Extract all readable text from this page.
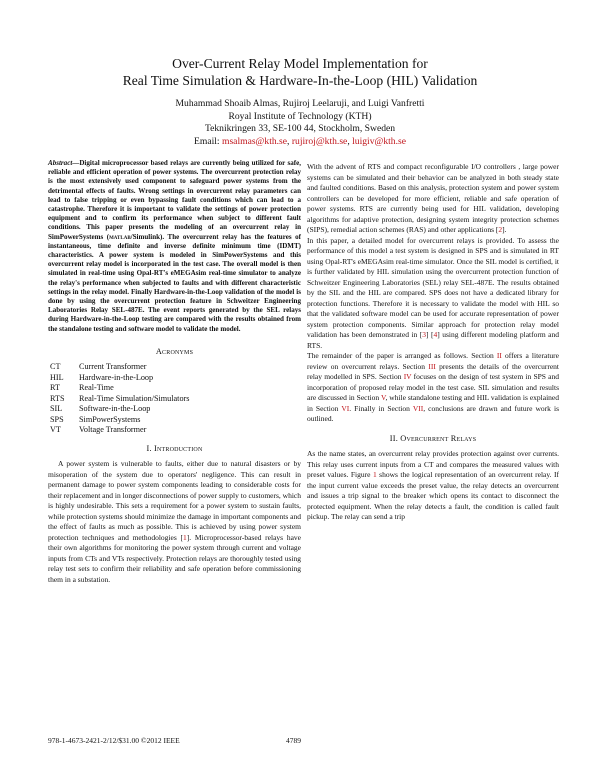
Over-Current Relay Model Implementation for
Real Time Simulation & Hardware-In-the-Loop (HIL) Validation
Muhammad Shoaib Almas, Rujiroj Leelaruji, and Luigi Vanfretti
Royal Institute of Technology (KTH)
Teknikringen 33, SE-100 44, Stockholm, Sweden
Email: msalmas@kth.se, rujiroj@kth.se, luigiv@kth.se

Abstract—Digital microprocessor based relays are currently being utilized for safe, reliable and efficient operation of power systems. The overcurrent protection relay is the most extensively used component to safeguard power systems from the detrimental effects of faults. Wrong settings in overcurrent relay parameters can lead to false tripping or even bypassing fault conditions which can lead to a catastrophe. Therefore it is important to validate the settings of power protection equipment and to confirm its performance when subject to different fault conditions. This paper presents the modeling of an overcurrent relay in SimPowerSystems (matlab/Simulink). The overcurrent relay has the features of instantaneous, time definite and inverse definite minimum time (IDMT) characteristics. A power system is modeled in SimPowerSystems and this overcurrent relay model is incorporated in the test case. The overall model is then simulated in real-time using Opal-RT's eMEGAsim real-time simulator to analyze the relay's performance when subjected to faults and with different characteristic settings in the relay model. Finally Hardware-in-the-Loop validation of the model is done by using the overcurrent protection feature in Schweitzer Engineering Laboratories Relay SEL-487E. The event reports generated by the SEL relays during Hardware-in-the-Loop testing are compared with the results obtained from the standalone testing and software model to validate the model.

Acronyms
CT	Current Transformer
HIL	Hardware-in-the-Loop
RT	Real-Time
RTS	Real-Time Simulation/Simulators
SIL	Software-in-the-Loop
SPS	SimPowerSystems
VT	Voltage Transformer
I. Introduction

A power system is vulnerable to faults, either due to natural disasters or by misoperation of the system due to operators' negligence. This can result in permanent damage to power system components leading to considerable costs for their replacement and in longer disconnections of power supply to customers, which is highly undesirable. This sets a requirement for a power system to sustain faults, while protection systems should minimize the damage in important components and the effect of faults as much as possible. This is achieved by using power system protection techniques and methodologies [1]. Microprocessor-based relays have their own algorithms for monitoring the power system through current and voltage inputs from CTs and VTs respectively. Protection relays are thoroughly tested using relay test sets to confirm their reliability and safe operation before commissioning them in a substation.

With the advent of RTS and compact reconfigurable I/O controllers , large power systems can be simulated and their behavior can be analyzed in both steady state and faulted conditions. Based on this analysis, protection system and power system controllers can be developed for more efficient, reliable and safe operation of power systems. RTS are currently being used for HIL validation, developing algorithms for adaptive protection, designing system integrity protection schemes (SIPS), remedial action schemes (RAS) and other applications [2].

In this paper, a detailed model for overcurrent relays is provided. To assess the performance of this model a test system is designed in SPS and is simulated in RT using Opal-RT's eMEGAsim real-time simulator. Once the SIL model is certified, it is further validated by HIL simulation using the overcurrent protection function of Schweitzer Engineering Laboratories (SEL) relay SEL-487E. The results obtained by the SIL and the HIL are compared. SPS does not have a dedicated library for protection functions. Therefore it is necessary to validate the model with HIL so that the validated software model can be used for accurate representation of power system protection components. Similar approach for protection relay model validation has been demonstrated in [3] [4] using different modeling platform and RTS.

The remainder of the paper is arranged as follows. Section II offers a literature review on overcurrent relays. Section III presents the details of the overcurrent relay modelled in SPS. Section IV focuses on the design of test system in SPS and incorporation of proposed relay model in the test case. SIL simulation and results are discussed in Section V, while standalone testing and HIL validation is explained in Section VI. Finally in Section VII, conclusions are drawn and future work is outlined.

II. Overcurrent Relays

As the name states, an overcurrent relay provides protection against over currents. This relay uses current inputs from a CT and compares the measured values with preset values. Figure 1 shows the logical representation of an overcurrent relay. If the input current value exceeds the preset value, the relay detects an overcurrent and issues a trip signal to the breaker which opens its contact to disconnect the protected equipment. When the relay detects a fault, the condition is called fault pickup. The relay can send a trip

978-1-4673-2421-2/12/$31.00 ©2012 IEEE	4789
